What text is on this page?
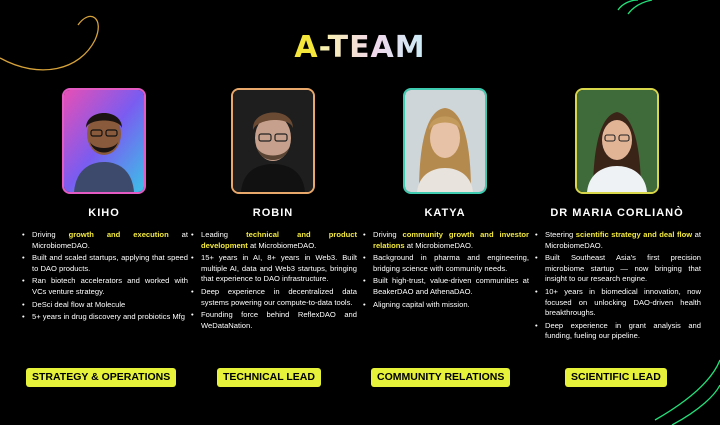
A-TEAM
KIHO
• Driving growth and execution at MicrobiomeDAO.
• Built and scaled startups, applying that speed to DAO products.
• Ran biotech accelerators and worked with VCs venture strategy.
• DeSci deal flow at Molecule
• 5+ years in drug discovery and probiotics Mfg
STRATEGY & OPERATIONS
ROBIN
• Leading technical and product development at MicrobiomeDAO.
• 15+ years in AI, 8+ years in Web3. Built multiple AI, data and Web3 startups, bringing that experience to DAO infrastructure.
• Deep experience in decentralized data systems powering our compute-to-data tools.
• Founding force behind ReflexDAO and WeDataNation.
TECHNICAL LEAD
KATYA
• Driving community growth and investor relations at MicrobiomeDAO.
• Background in pharma and engineering, bridging science with community needs.
• Built high-trust, value-driven communities at BeakerDAO and AthenaDAO.
• Aligning capital with mission.
COMMUNITY RELATIONS
DR MARIA CORLIANÒ
• Steering scientific strategy and deal flow at MicrobiomeDAO.
• Built Southeast Asia's first precision microbiome startup — now bringing that insight to our research engine.
• 10+ years in biomedical innovation, now focused on unlocking DAO-driven health breakthroughs.
• Deep experience in grant analysis and funding, fueling our pipeline.
SCIENTIFIC LEAD
